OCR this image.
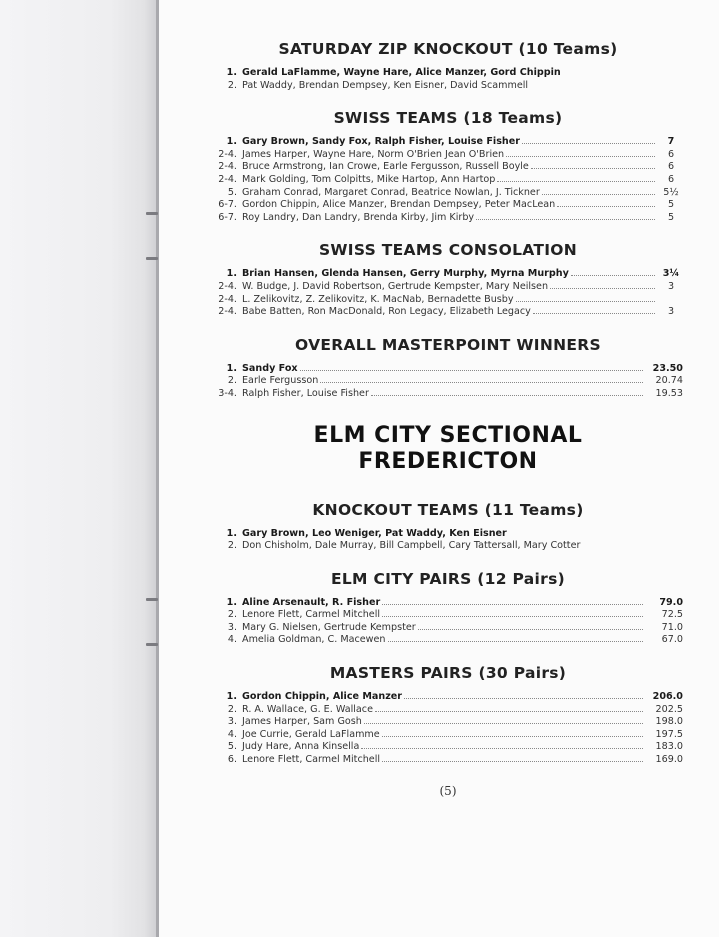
SATURDAY ZIP KNOCKOUT (10 Teams)
1. Gerald LaFlamme, Wayne Hare, Alice Manzer, Gord Chippin
2. Pat Waddy, Brendan Dempsey, Ken Eisner, David Scammell
SWISS TEAMS (18 Teams)
1. Gary Brown, Sandy Fox, Ralph Fisher, Louise Fisher	7
2-4. James Harper, Wayne Hare, Norm O'Brien Jean O'Brien	6
2-4. Bruce Armstrong, Ian Crowe, Earle Fergusson, Russell Boyle	6
2-4. Mark Golding, Tom Colpitts, Mike Hartop, Ann Hartop	6
5. Graham Conrad, Margaret Conrad, Beatrice Nowlan, J. Tickner	5½
6-7. Gordon Chippin, Alice Manzer, Brendan Dempsey, Peter MacLean	5
6-7. Roy Landry, Dan Landry, Brenda Kirby, Jim Kirby	5
SWISS TEAMS CONSOLATION
1. Brian Hansen, Glenda Hansen, Gerry Murphy, Myrna Murphy	3¼
2-4. W. Budge, J. David Robertson, Gertrude Kempster, Mary Neilsen	3
2-4. L. Zelikovitz, Z. Zelikovitz, K. MacNab, Bernadette Busby
2-4. Babe Batten, Ron MacDonald, Ron Legacy, Elizabeth Legacy	3
OVERALL MASTERPOINT WINNERS
1. Sandy Fox	23.50
2. Earle Fergusson	20.74
3-4. Ralph Fisher, Louise Fisher	19.53
ELM CITY SECTIONAL
FREDERICTON
KNOCKOUT TEAMS (11 Teams)
1. Gary Brown, Leo Weniger, Pat Waddy, Ken Eisner
2. Don Chisholm, Dale Murray, Bill Campbell, Cary Tattersall, Mary Cotter
ELM CITY PAIRS (12 Pairs)
1. Aline Arsenault, R. Fisher	79.0
2. Lenore Flett, Carmel Mitchell	72.5
3. Mary G. Nielsen, Gertrude Kempster	71.0
4. Amelia Goldman, C. Macewen	67.0
MASTERS PAIRS (30 Pairs)
1. Gordon Chippin, Alice Manzer	206.0
2. R. A. Wallace, G. E. Wallace	202.5
3. James Harper, Sam Gosh	198.0
4. Joe Currie, Gerald LaFlamme	197.5
5. Judy Hare, Anna Kinsella	183.0
6. Lenore Flett, Carmel Mitchell	169.0
(5)
